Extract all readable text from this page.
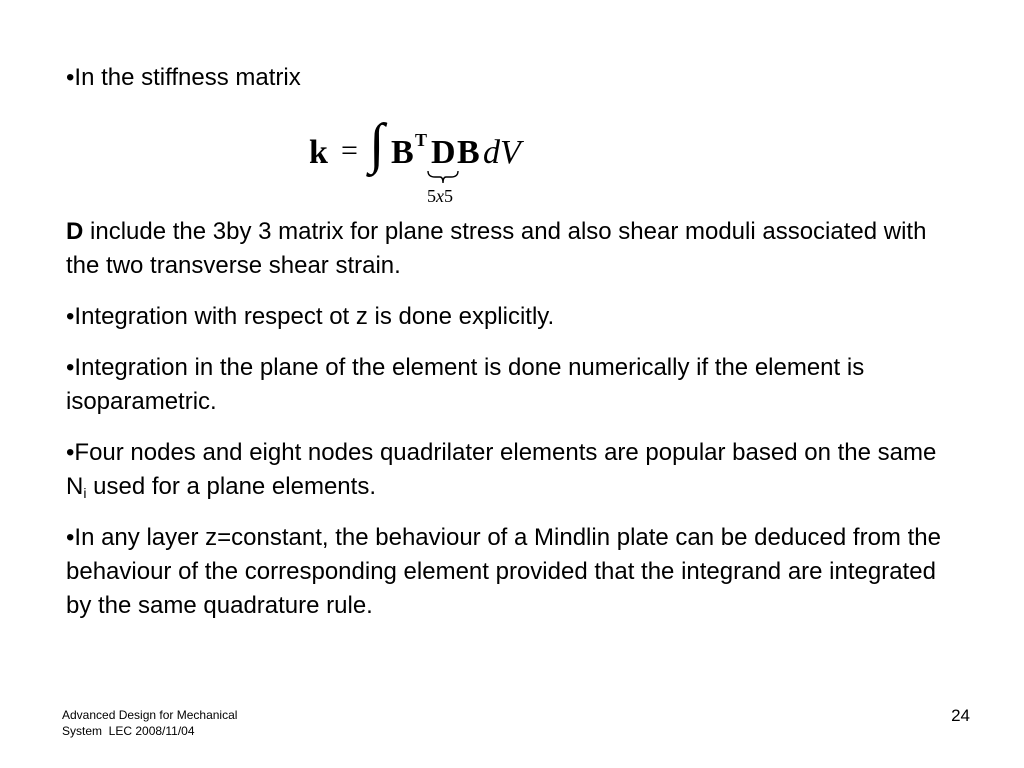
•In the stiffness matrix

k = ∫ B T D B dV
5x5

D include the 3by 3 matrix for plane stress and also shear moduli associated with the two transverse shear strain.

•Integration with respect ot z is done explicitly.

•Integration in the plane of the element is done numerically if the element is isoparametric.

•Four nodes and eight nodes quadrilater elements are popular based on the same $N_i$ used for a plane elements.

•In any layer z=constant, the behaviour of a Mindlin plate can be deduced from the behaviour of the corresponding element provided that the integrand are integrated by the same quadrature rule.

Advanced Design for Mechanical
System  LEC 2008/11/04
24
